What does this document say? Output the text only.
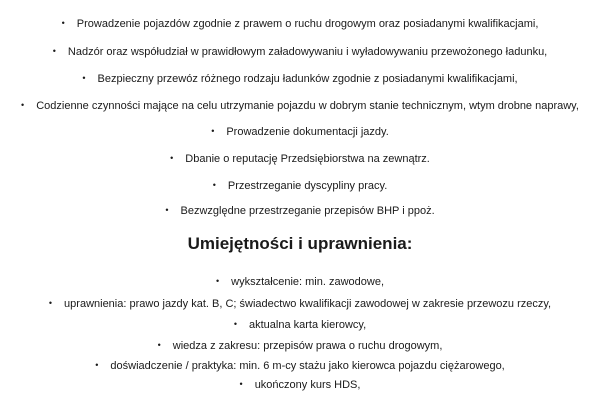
• Prowadzenie pojazdów zgodnie z prawem o ruchu drogowym oraz posiadanymi kwalifikacjami,
• Nadzór oraz współudział w prawidłowym załadowywaniu i wyładowywaniu przewożonego ładunku,
• Bezpieczny przewóz różnego rodzaju ładunków zgodnie z posiadanymi kwalifikacjami,
• Codzienne czynności mające na celu utrzymanie pojazdu w dobrym stanie technicznym, wtym drobne naprawy,
• Prowadzenie dokumentacji jazdy.
• Dbanie o reputację Przedsiębiorstwa na zewnątrz.
• Przestrzeganie dyscypliny pracy.
• Bezwzględne przestrzeganie przepisów BHP i ppoż.
Umiejętności i uprawnienia:
• wykształcenie: min. zawodowe,
• uprawnienia: prawo jazdy kat. B, C; świadectwo kwalifikacji zawodowej w zakresie przewozu rzeczy,
• aktualna karta kierowcy,
• wiedza z zakresu: przepisów prawa o ruchu drogowym,
• doświadczenie / praktyka: min. 6 m-cy stażu jako kierowca pojazdu ciężarowego,
• ukończony kurs HDS,
